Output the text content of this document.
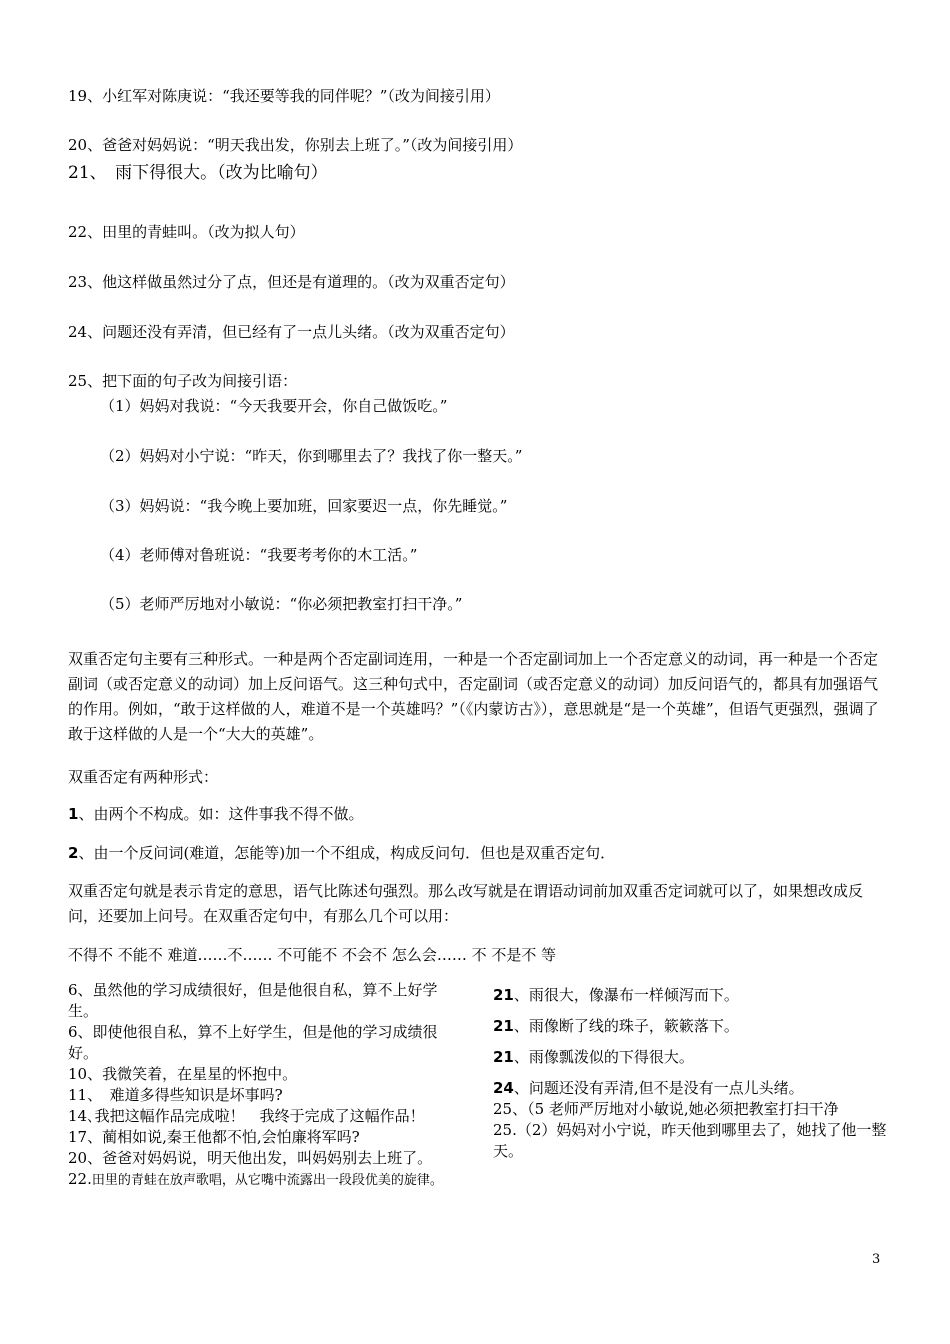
19、小红军对陈庚说：“我还要等我的同伴呢？”（改为间接引用）
20、爸爸对妈妈说：“明天我出发，你别去上班了。”（改为间接引用）
21、　雨下得很大。（改为比喻句）
22、田里的青蛙叫。（改为拟人句）
23、他这样做虽然过分了点，但还是有道理的。（改为双重否定句）
24、问题还没有弄清，但已经有了一点儿头绪。（改为双重否定句）
25、把下面的句子改为间接引语：
（1）妈妈对我说：“今天我要开会，你自己做饭吃。”
（2）妈妈对小宁说：“昨天，你到哪里去了？我找了你一整天。”
（3）妈妈说：“我今晚上要加班，回家要迟一点，你先睡觉。”
（4）老师傅对鲁班说：“我要考考你的木工活。”
（5）老师严厉地对小敏说：“你必须把教室打扫干净。”

双重否定句主要有三种形式。一种是两个否定副词连用，一种是一个否定副词加上一个否定意义的动词，再一种是一个否定副词（或否定意义的动词）加上反问语气。这三种句式中，否定副词（或否定意义的动词）加反问语气的，都具有加强语气的作用。例如，“敢于这样做的人，难道不是一个英雄吗？”（《内蒙访古》），意思就是“是一个英雄”，但语气更强烈，强调了敢于这样做的人是一个“大大的英雄”。

双重否定有两种形式：
1、由两个不构成。如：这件事我不得不做。
2、由一个反问词(难道，怎能等)加一个不组成，构成反问句．但也是双重否定句．

双重否定句就是表示肯定的意思，语气比陈述句强烈。那么改写就是在谓语动词前加双重否定词就可以了，如果想改成反问，还要加上问号。在双重否定句中，有那么几个可以用：

不得不 不能不 难道……不…… 不可能不 不会不 怎么会…… 不 不是不 等

6、虽然他的学习成绩很好，但是他很自私，算不上好学生。

6、即使他很自私，算不上好学生，但是他的学习成绩很好。

10、我微笑着，在星星的怀抱中。

11、　难道多得些知识是坏事吗?

14､我把这幅作品完成啦！　我终于完成了这幅作品！

17、蔺相如说,秦王他都不怕,会怕廉将军吗?

20、爸爸对妈妈说，明天他出发，叫妈妈别去上班了。

22.田里的青蛙在放声歌唱，从它嘴中流露出一段段优美的旋律。

21、雨很大，像瀑布一样倾泻而下。

21、雨像断了线的珠子，簌簌落下。

21、雨像瓢泼似的下得很大。

24、问题还没有弄清,但不是没有一点儿头绪。

25、（5 老师严厉地对小敏说,她必须把教室打扫干净

25.（2）妈妈对小宁说，昨天他到哪里去了，她找了他一整天。

3
